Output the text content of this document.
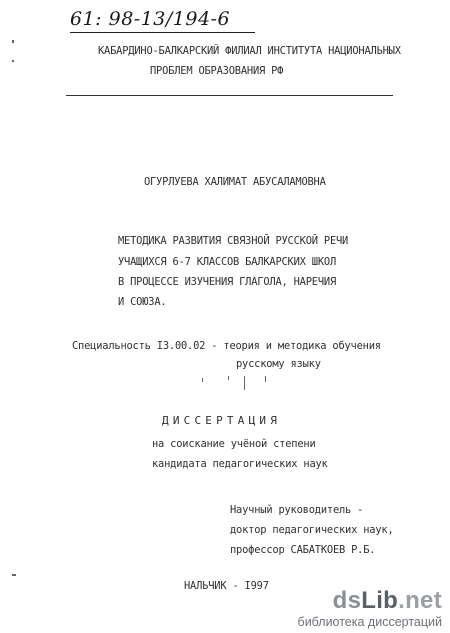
61: 98-13/194-6
КАБАРДИНО-БАЛКАРСКИЙ ФИЛИАЛ ИНСТИТУТА НАЦИОНАЛЬНЫХ
ПРОБЛЕМ ОБРАЗОВАНИЯ РФ
ОГУРЛУЕВА ХАЛИМАТ АБУСАЛАМОВНА
МЕТОДИКА РАЗВИТИЯ СВЯЗНОЙ РУССКОЙ РЕЧИ
УЧАЩИХСЯ 6-7 КЛАССОВ БАЛКАРСКИХ ШКОЛ
В ПРОЦЕССЕ ИЗУЧЕНИЯ ГЛАГОЛА, НАРЕЧИЯ
И СОЮЗА.
Специальность I3.00.02 - теория и методика обучения
русскому языку
ДИССЕРТАЦИЯ
на соискание учёной степени
кандидата педагогических наук
Научный руководитель -
доктор педагогических наук,
профессор САБАТКОЕВ Р.Б.
НАЛЬЧИК - I997
dsLib.net
библиотека диссертаций
